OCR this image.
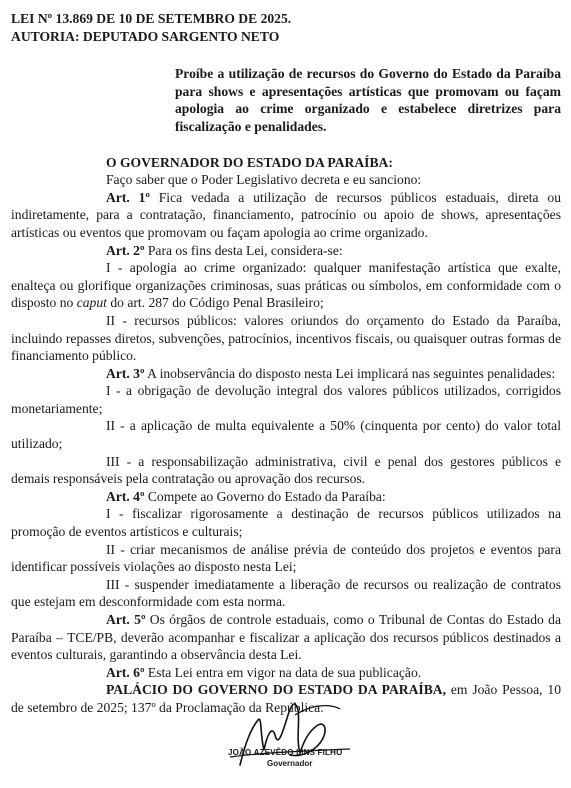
LEI Nº 13.869 DE 10 DE SETEMBRO DE 2025.
AUTORIA: DEPUTADO SARGENTO NETO
Proíbe a utilização de recursos do Governo do Estado da Paraíba para shows e apresentações artísticas que promovam ou façam apologia ao crime organizado e estabelece diretrizes para fiscalização e penalidades.
O GOVERNADOR DO ESTADO DA PARAÍBA:
Faço saber que o Poder Legislativo decreta e eu sanciono:
Art. 1º Fica vedada a utilização de recursos públicos estaduais, direta ou indiretamente, para a contratação, financiamento, patrocínio ou apoio de shows, apresentações artísticas ou eventos que promovam ou façam apologia ao crime organizado.
Art. 2º Para os fins desta Lei, considera-se:
I - apologia ao crime organizado: qualquer manifestação artística que exalte, enalteça ou glorifique organizações criminosas, suas práticas ou símbolos, em conformidade com o disposto no caput do art. 287 do Código Penal Brasileiro;
II - recursos públicos: valores oriundos do orçamento do Estado da Paraíba, incluindo repasses diretos, subvenções, patrocínios, incentivos fiscais, ou quaisquer outras formas de financiamento público.
Art. 3º A inobservância do disposto nesta Lei implicará nas seguintes penalidades:
I - a obrigação de devolução integral dos valores públicos utilizados, corrigidos monetariamente;
II - a aplicação de multa equivalente a 50% (cinquenta por cento) do valor total utilizado;
III - a responsabilização administrativa, civil e penal dos gestores públicos e demais responsáveis pela contratação ou aprovação dos recursos.
Art. 4º Compete ao Governo do Estado da Paraíba:
I - fiscalizar rigorosamente a destinação de recursos públicos utilizados na promoção de eventos artísticos e culturais;
II - criar mecanismos de análise prévia de conteúdo dos projetos e eventos para identificar possíveis violações ao disposto nesta Lei;
III - suspender imediatamente a liberação de recursos ou realização de contratos que estejam em desconformidade com esta norma.
Art. 5º Os órgãos de controle estaduais, como o Tribunal de Contas do Estado da Paraíba – TCE/PB, deverão acompanhar e fiscalizar a aplicação dos recursos públicos destinados a eventos culturais, garantindo a observância desta Lei.
Art. 6º Esta Lei entra em vigor na data de sua publicação.
PALÁCIO DO GOVERNO DO ESTADO DA PARAÍBA, em João Pessoa, 10 de setembro de 2025; 137º da Proclamação da República.
JOÃO AZEVÊDO LINS FILHO
Governador
